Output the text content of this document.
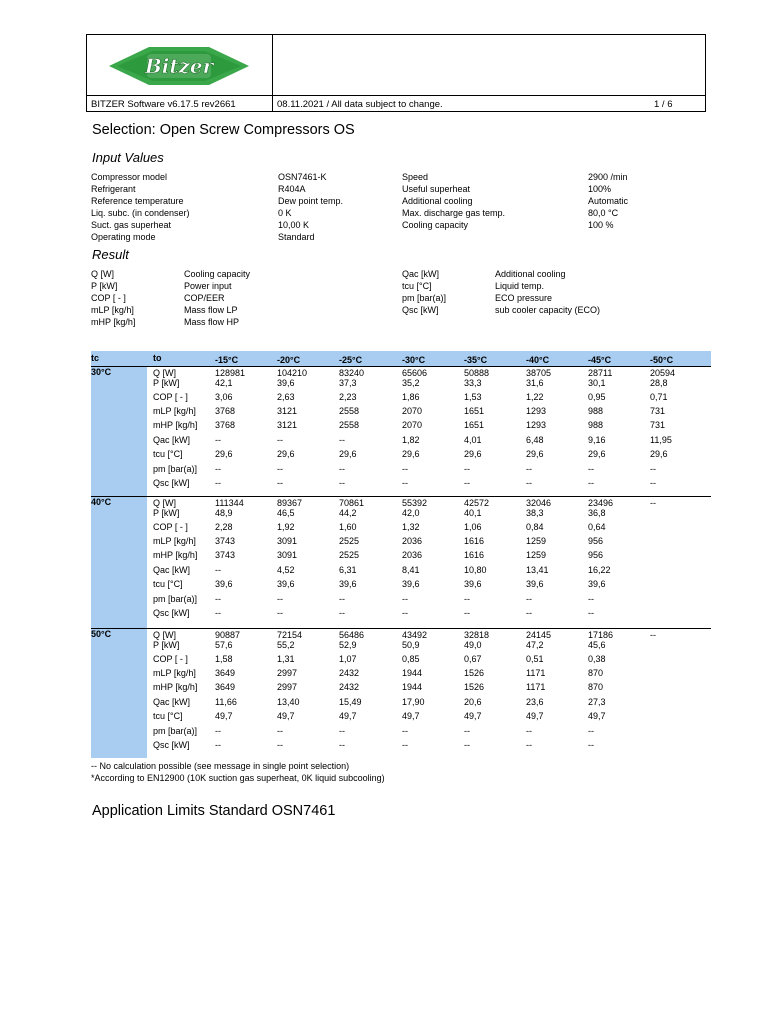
Bitzer
BITZER Software v6.17.5 rev2661	08.11.2021 / All data subject to change.	1 / 6
Selection: Open Screw Compressors OS
Input Values
Compressor model	OSN7461-K
Refrigerant	R404A
Reference temperature	Dew point temp.
Liq. subc. (in condenser)	0 K
Suct. gas superheat	10,00 K
Operating mode	Standard
Speed	2900 /min
Useful superheat	100%
Additional cooling	Automatic
Max. discharge gas temp.	80,0 °C
Cooling capacity	100 %
Result
Q [W]	Cooling capacity
P [kW]	Power input
COP [ - ]	COP/EER
mLP [kg/h]	Mass flow LP
mHP [kg/h]	Mass flow HP
Qac [kW]	Additional cooling
tcu [°C]	Liquid temp.
pm [bar(a)]	ECO pressure
Qsc [kW]	sub cooler capacity (ECO)
tc	to	-15°C	-20°C	-25°C	-30°C	-35°C	-40°C	-45°C	-50°C
30°C	Q [W]	128981	104210	83240	65606	50888	38705	28711	20594
P [kW]	42,1	39,6	37,3	35,2	33,3	31,6	30,1	28,8
COP [ - ]	3,06	2,63	2,23	1,86	1,53	1,22	0,95	0,71
mLP [kg/h] 3768	3121	2558	2070	1651	1293	988	731
mHP [kg/h] 3768	3121	2558	2070	1651	1293	988	731
Qac [kW]	--	--	--	1,82	4,01	6,48	9,16	11,95
tcu [°C]	29,6	29,6	29,6	29,6	29,6	29,6	29,6	29,6
pm [bar(a)] --	--	--	--	--	--	--	--
Qsc [kW]	--	--	--	--	--	--	--	--
40°C	Q [W]	111344	89367	70861	55392	42572	32046	23496	--
P [kW]	48,9	46,5	44,2	42,0	40,1	38,3	36,8
COP [ - ]	2,28	1,92	1,60	1,32	1,06	0,84	0,64
mLP [kg/h] 3743	3091	2525	2036	1616	1259	956
mHP [kg/h] 3743	3091	2525	2036	1616	1259	956
Qac [kW]	--	4,52	6,31	8,41	10,80	13,41	16,22
tcu [°C]	39,6	39,6	39,6	39,6	39,6	39,6	39,6
pm [bar(a)] --	--	--	--	--	--	--
Qsc [kW]	--	--	--	--	--	--	--
50°C	Q [W]	90887	72154	56486	43492	32818	24145	17186	--
P [kW]	57,6	55,2	52,9	50,9	49,0	47,2	45,6
COP [ - ]	1,58	1,31	1,07	0,85	0,67	0,51	0,38
mLP [kg/h] 3649	2997	2432	1944	1526	1171	870
mHP [kg/h] 3649	2997	2432	1944	1526	1171	870
Qac [kW]	11,66	13,40	15,49	17,90	20,6	23,6	27,3
tcu [°C]	49,7	49,7	49,7	49,7	49,7	49,7	49,7
pm [bar(a)] --	--	--	--	--	--	--
Qsc [kW]	--	--	--	--	--	--	--
-- No calculation possible (see message in single point selection)
*According to EN12900 (10K suction gas superheat, 0K liquid subcooling)
Application Limits Standard OSN7461
